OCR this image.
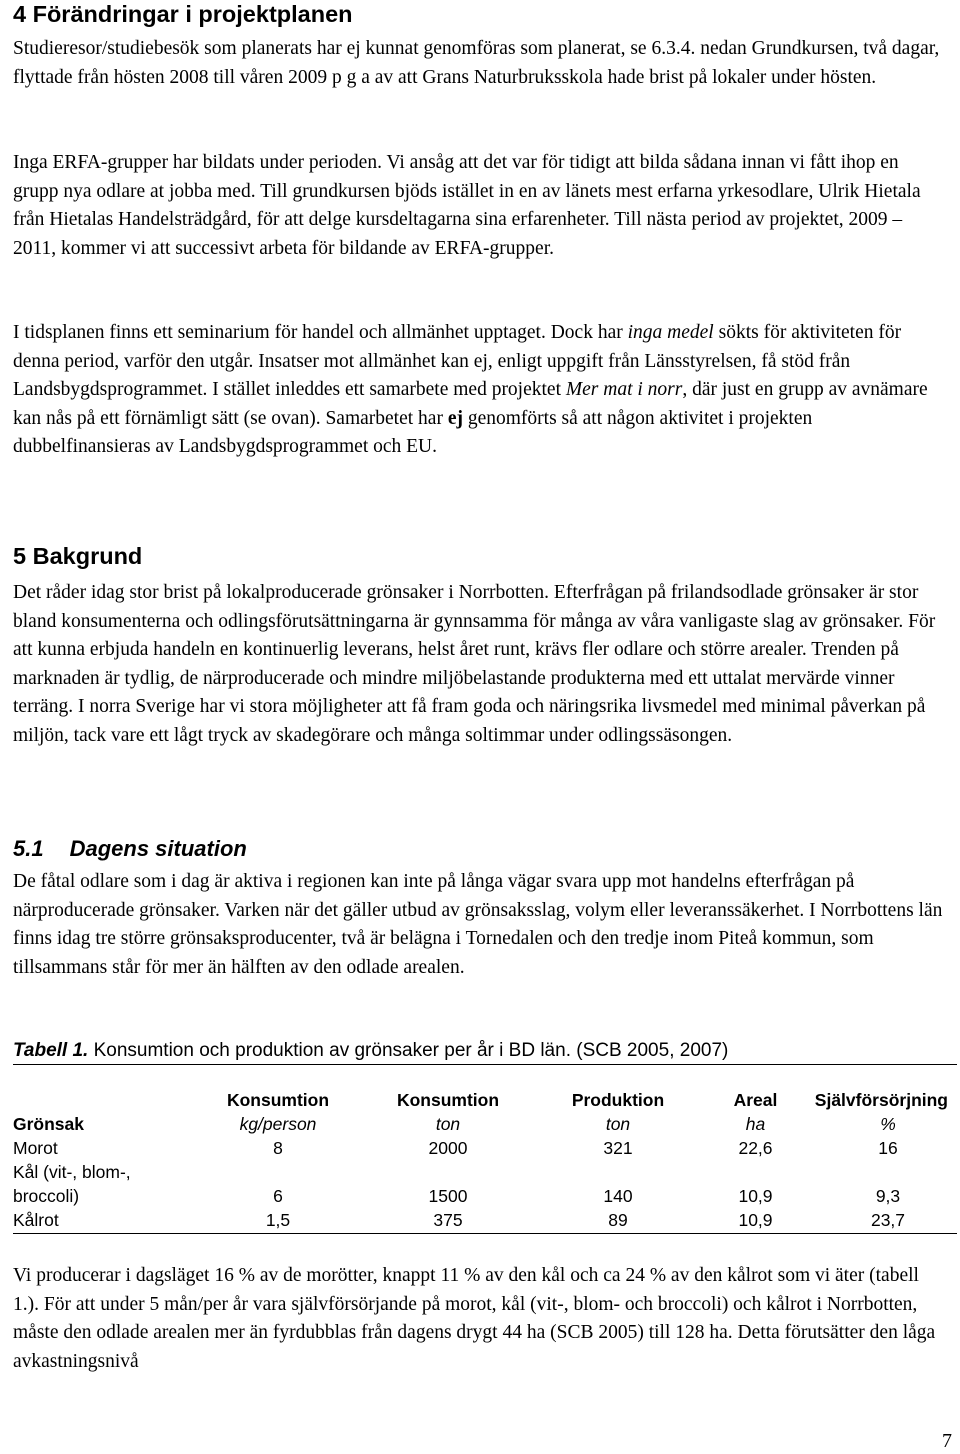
4 Förändringar i projektplanen

Studieresor/studiebesök som planerats har ej kunnat genomföras som planerat, se 6.3.4. nedan Grundkursen, två dagar, flyttade från hösten 2008 till våren 2009 p g a av att Grans Naturbruksskola hade brist på lokaler under hösten.

Inga ERFA-grupper har bildats under perioden. Vi ansåg att det var för tidigt att bilda sådana innan vi fått ihop en grupp nya odlare at jobba med. Till grundkursen bjöds istället in en av länets mest erfarna yrkesodlare, Ulrik Hietala från Hietalas Handelsträdgård, för att delge kursdeltagarna sina erfarenheter. Till nästa period av projektet, 2009 – 2011, kommer vi att successivt arbeta för bildande av ERFA-grupper.

I tidsplanen finns ett seminarium för handel och allmänhet upptaget. Dock har inga medel sökts för aktiviteten för denna period, varför den utgår. Insatser mot allmänhet kan ej, enligt uppgift från Länsstyrelsen, få stöd från Landsbygdsprogrammet. I stället inleddes ett samarbete med projektet Mer mat i norr, där just en grupp av avnämare kan nås på ett förnämligt sätt (se ovan). Samarbetet har ej genomförts så att någon aktivitet i projekten dubbelfinansieras av Landsbygdsprogrammet och EU.

5 Bakgrund

Det råder idag stor brist på lokalproducerade grönsaker i Norrbotten. Efterfrågan på frilandsodlade grönsaker är stor bland konsumenterna och odlingsförutsättningarna är gynnsamma för många av våra vanligaste slag av grönsaker. För att kunna erbjuda handeln en kontinuerlig leverans, helst året runt, krävs fler odlare och större arealer. Trenden på marknaden är tydlig, de närproducerade och mindre miljöbelastande produkterna med ett uttalat mervärde vinner terräng. I norra Sverige har vi stora möjligheter att få fram goda och näringsrika livsmedel med minimal påverkan på miljön, tack vare ett lågt tryck av skadegörare och många soltimmar under odlingssäsongen.

5.1 Dagens situation

De fåtal odlare som i dag är aktiva i regionen kan inte på långa vägar svara upp mot handelns efterfrågan på närproducerade grönsaker. Varken när det gäller utbud av grönsaksslag, volym eller leveranssäkerhet. I Norrbottens län finns idag tre större grönsaksproducenter, två är belägna i Tornedalen och den tredje inom Piteå kommun, som tillsammans står för mer än hälften av den odlade arealen.

Tabell 1. Konsumtion och produktion av grönsaker per år i BD län. (SCB 2005, 2007)

	Konsumtion	Konsumtion	Produktion	Areal	Självförsörjning
Grönsak	kg/person	ton	ton	ha	%
Morot	8	2000	321	22,6	16
Kål (vit-, blom-,					
broccoli)	6	1500	140	10,9	9,3
Kålrot	1,5	375	89	10,9	23,7

Vi producerar i dagsläget 16 % av de morötter, knappt 11 % av den kål och ca 24 % av den kålrot som vi äter (tabell 1.). För att under 5 mån/per år vara självförsörjande på morot, kål (vit-, blom- och broccoli) och kålrot i Norrbotten, måste den odlade arealen mer än fyrdubblas från dagens drygt 44 ha (SCB 2005) till 128 ha. Detta förutsätter den låga avkastningsnivå

7
